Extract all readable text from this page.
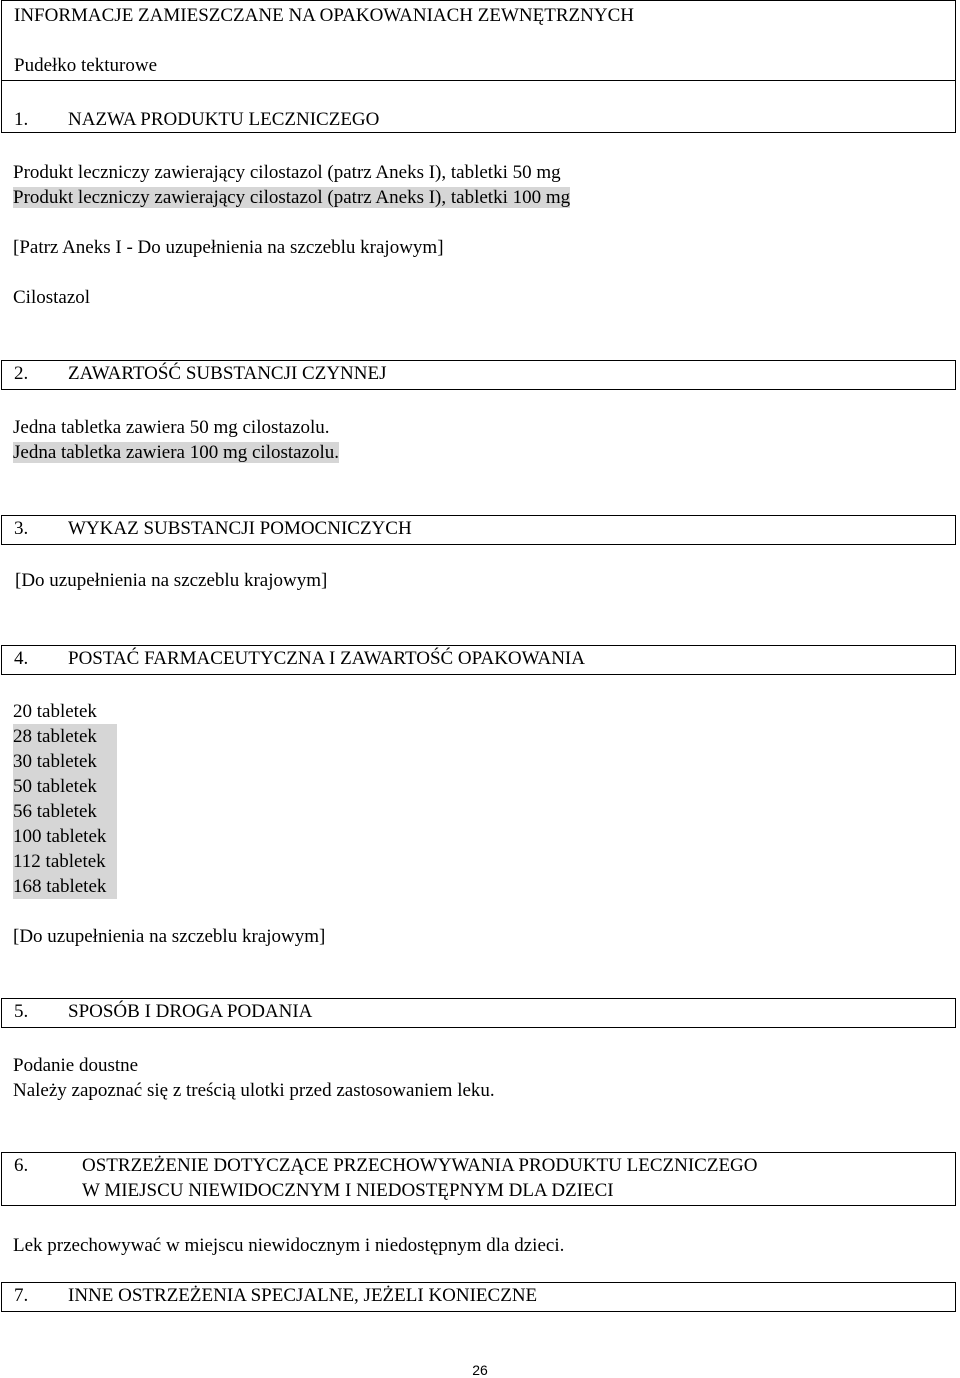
INFORMACJE ZAMIESZCZANE NA OPAKOWANIACH ZEWNĘTRZNYCH
Pudełko tekturowe
1. NAZWA PRODUKTU LECZNICZEGO
Produkt leczniczy zawierający cilostazol (patrz Aneks I), tabletki 50 mg
Produkt leczniczy zawierający cilostazol (patrz Aneks I), tabletki 100 mg
[Patrz Aneks I - Do uzupełnienia na szczeblu krajowym]
Cilostazol
2. ZAWARTOŚĆ SUBSTANCJI CZYNNEJ
Jedna tabletka zawiera 50 mg cilostazolu.
Jedna tabletka zawiera 100 mg cilostazolu.
3. WYKAZ SUBSTANCJI POMOCNICZYCH
[Do uzupełnienia na szczeblu krajowym]
4. POSTAĆ FARMACEUTYCZNA I ZAWARTOŚĆ OPAKOWANIA
20 tabletek
28 tabletek
30 tabletek
50 tabletek
56 tabletek
100 tabletek
112 tabletek
168 tabletek
[Do uzupełnienia na szczeblu krajowym]
5. SPOSÓB I DROGA PODANIA
Podanie doustne
Należy zapoznać się z treścią ulotki przed zastosowaniem leku.
6.	OSTRZEŻENIE DOTYCZĄCE PRZECHOWYWANIA PRODUKTU LECZNICZEGO
W MIEJSCU NIEWIDOCZNYM I NIEDOSTĘPNYM DLA DZIECI
Lek przechowywać w miejscu niewidocznym i niedostępnym dla dzieci.
7. INNE OSTRZEŻENIA SPECJALNE, JEŻELI KONIECZNE
26
